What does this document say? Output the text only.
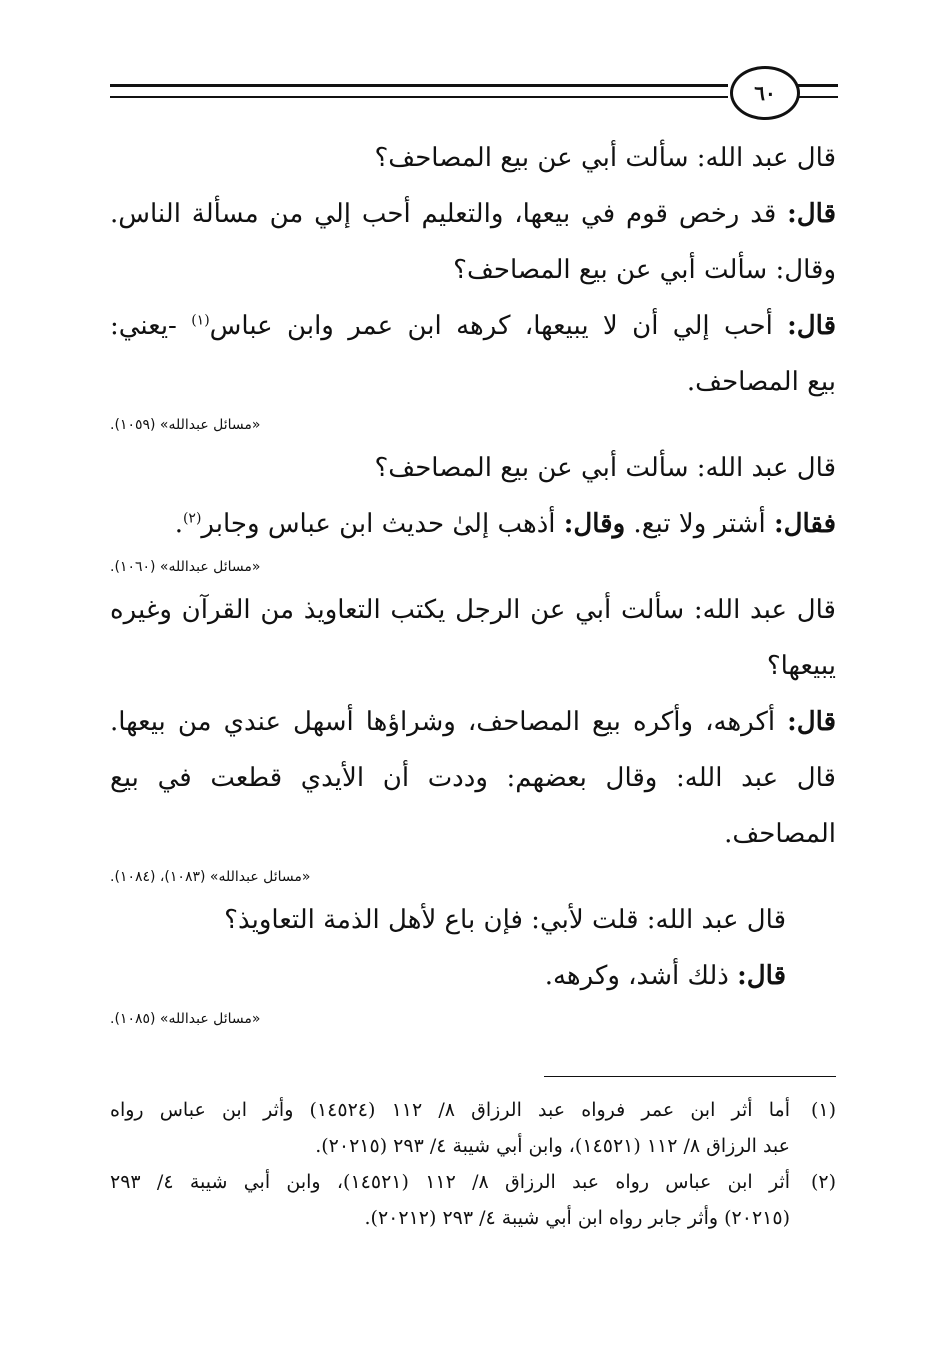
٦٠
قال عبد الله: سألت أبي عن بيع المصاحف؟
قال: قد رخص قوم في بيعها، والتعليم أحب إلي من مسألة الناس.
وقال: سألت أبي عن بيع المصاحف؟
قال: أحب إلي أن لا يبيعها، كرهه ابن عمر وابن عباس$^{(١)}$ -يعني:
بيع المصاحف.
«مسائل عبدالله» (١٠٥٩).
قال عبد الله: سألت أبي عن بيع المصاحف؟
فقال: أشتر ولا تبع. وقال: أذهب إلىٰ حديث ابن عباس وجابر$^{(٢)}$.
«مسائل عبدالله» (١٠٦٠).
قال عبد الله: سألت أبي عن الرجل يكتب التعاويذ من القرآن وغيره
يبيعها؟
قال: أكرهه، وأكره بيع المصاحف، وشراؤها أسهل عندي من بيعها.
قال عبد الله: وقال بعضهم: وددت أن الأيدي قطعت في بيع
المصاحف.
«مسائل عبدالله» (١٠٨٣)، (١٠٨٤).
قال عبد الله: قلت لأبي: فإن باع لأهل الذمة التعاويذ؟
قال: ذلك أشد، وكرهه.
«مسائل عبدالله» (١٠٨٥).
(١)
أما أثر ابن عمر فرواه عبد الرزاق ٨/ ١١٢ (١٤٥٢٤) وأثر ابن عباس رواه
عبد الرزاق ٨/ ١١٢ (١٤٥٢١)، وابن أبي شيبة ٤/ ٢٩٣ (٢٠٢١٥).
(٢)
أثر ابن عباس رواه عبد الرزاق ٨/ ١١٢ (١٤٥٢١)، وابن أبي شيبة ٤/ ٢٩٣
(٢٠٢١٥) وأثر جابر رواه ابن أبي شيبة ٤/ ٢٩٣ (٢٠٢١٢).
